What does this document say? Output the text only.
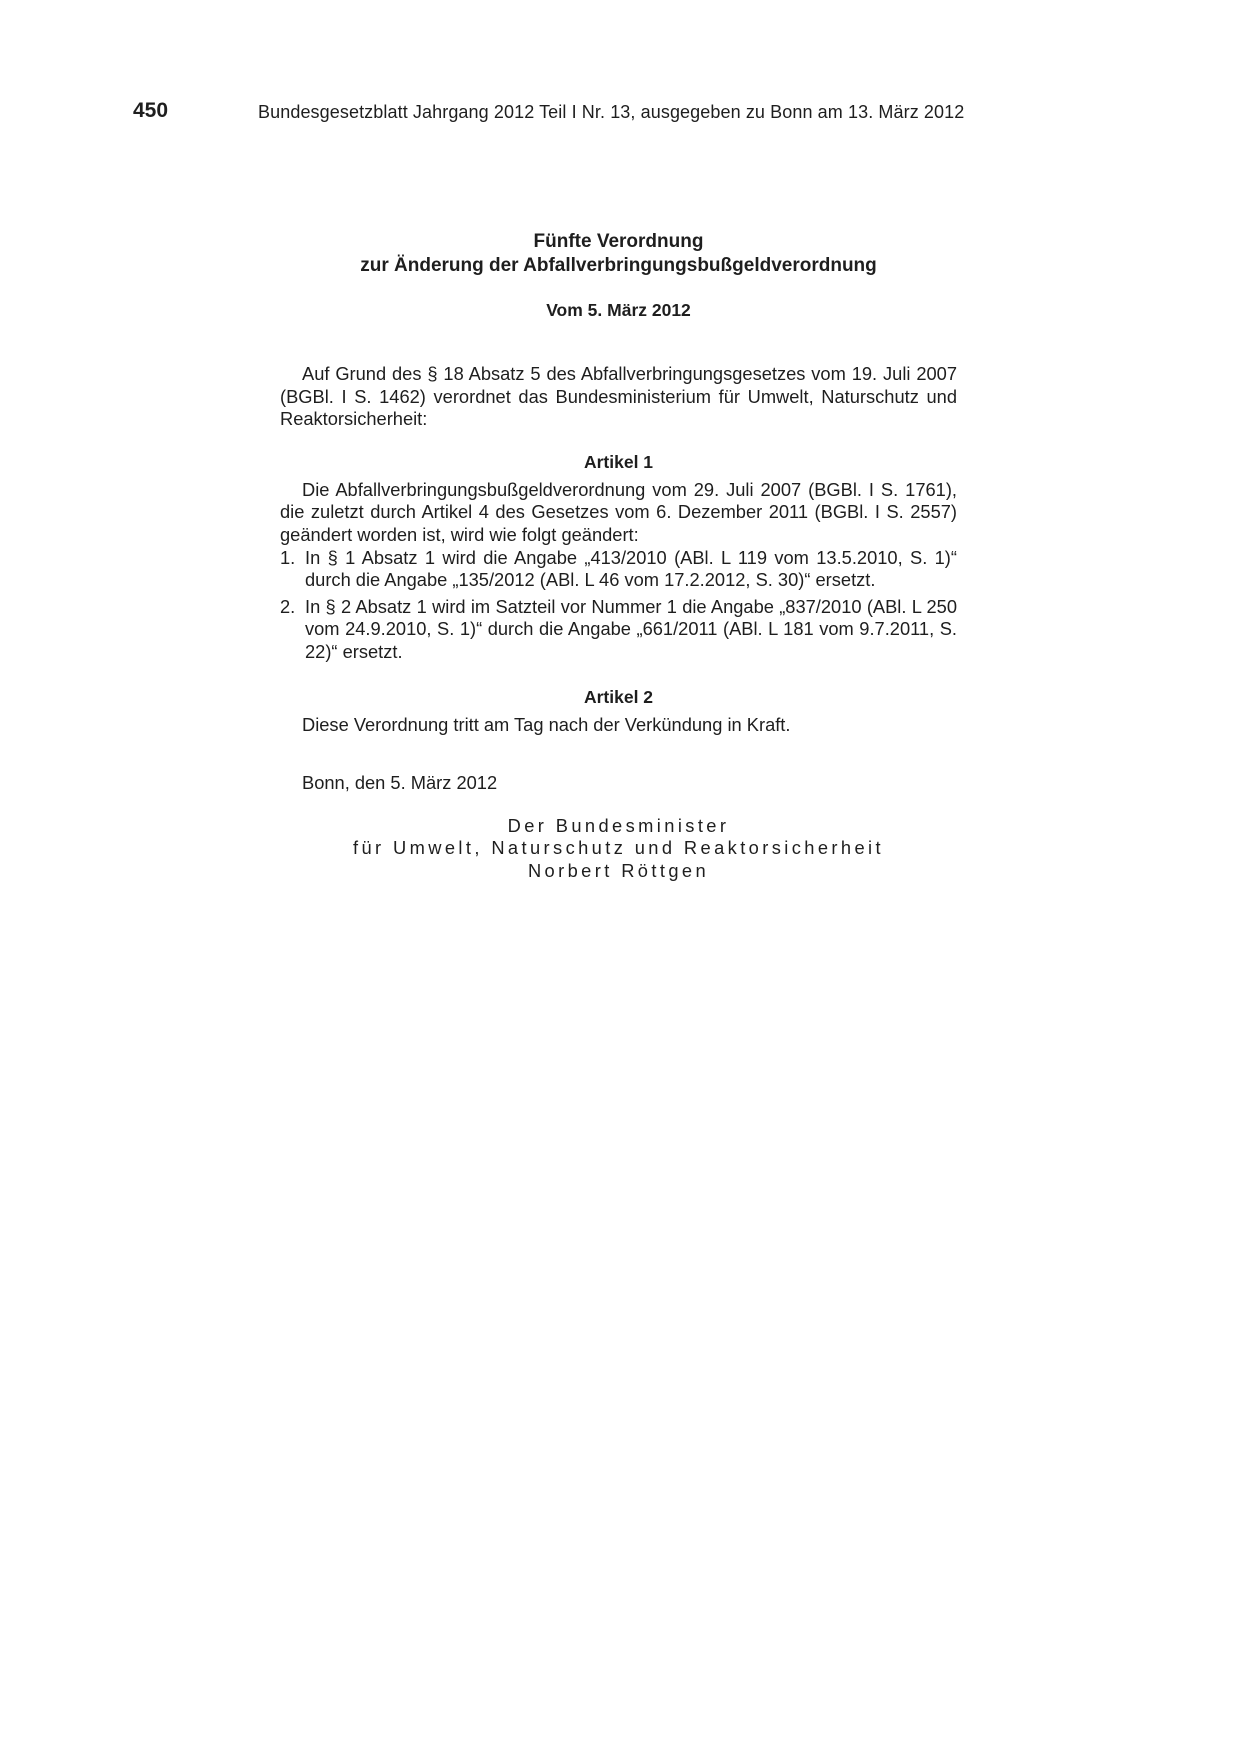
450	Bundesgesetzblatt Jahrgang 2012 Teil I Nr. 13, ausgegeben zu Bonn am 13. März 2012
Fünfte Verordnung
zur Änderung der Abfallverbringungsbußgeldverordnung
Vom 5. März 2012

Auf Grund des § 18 Absatz 5 des Abfallverbringungsgesetzes vom 19. Juli 2007 (BGBl. I S. 1462) verordnet das Bundesministerium für Umwelt, Naturschutz und Reaktorsicherheit:

Artikel 1

Die Abfallverbringungsbußgeldverordnung vom 29. Juli 2007 (BGBl. I S. 1761), die zuletzt durch Artikel 4 des Gesetzes vom 6. Dezember 2011 (BGBl. I S. 2557) geändert worden ist, wird wie folgt geändert:

1. In § 1 Absatz 1 wird die Angabe „413/2010 (ABl. L 119 vom 13.5.2010, S. 1)“ durch die Angabe „135/2012 (ABl. L 46 vom 17.2.2012, S. 30)“ ersetzt.
2. In § 2 Absatz 1 wird im Satzteil vor Nummer 1 die Angabe „837/2010 (ABl. L 250 vom 24.9.2010, S. 1)“ durch die Angabe „661/2011 (ABl. L 181 vom 9.7.2011, S. 22)“ ersetzt.
Artikel 2

Diese Verordnung tritt am Tag nach der Verkündung in Kraft.

Bonn, den 5. März 2012
Der Bundesminister
für Umwelt, Naturschutz und Reaktorsicherheit
Norbert Röttgen
